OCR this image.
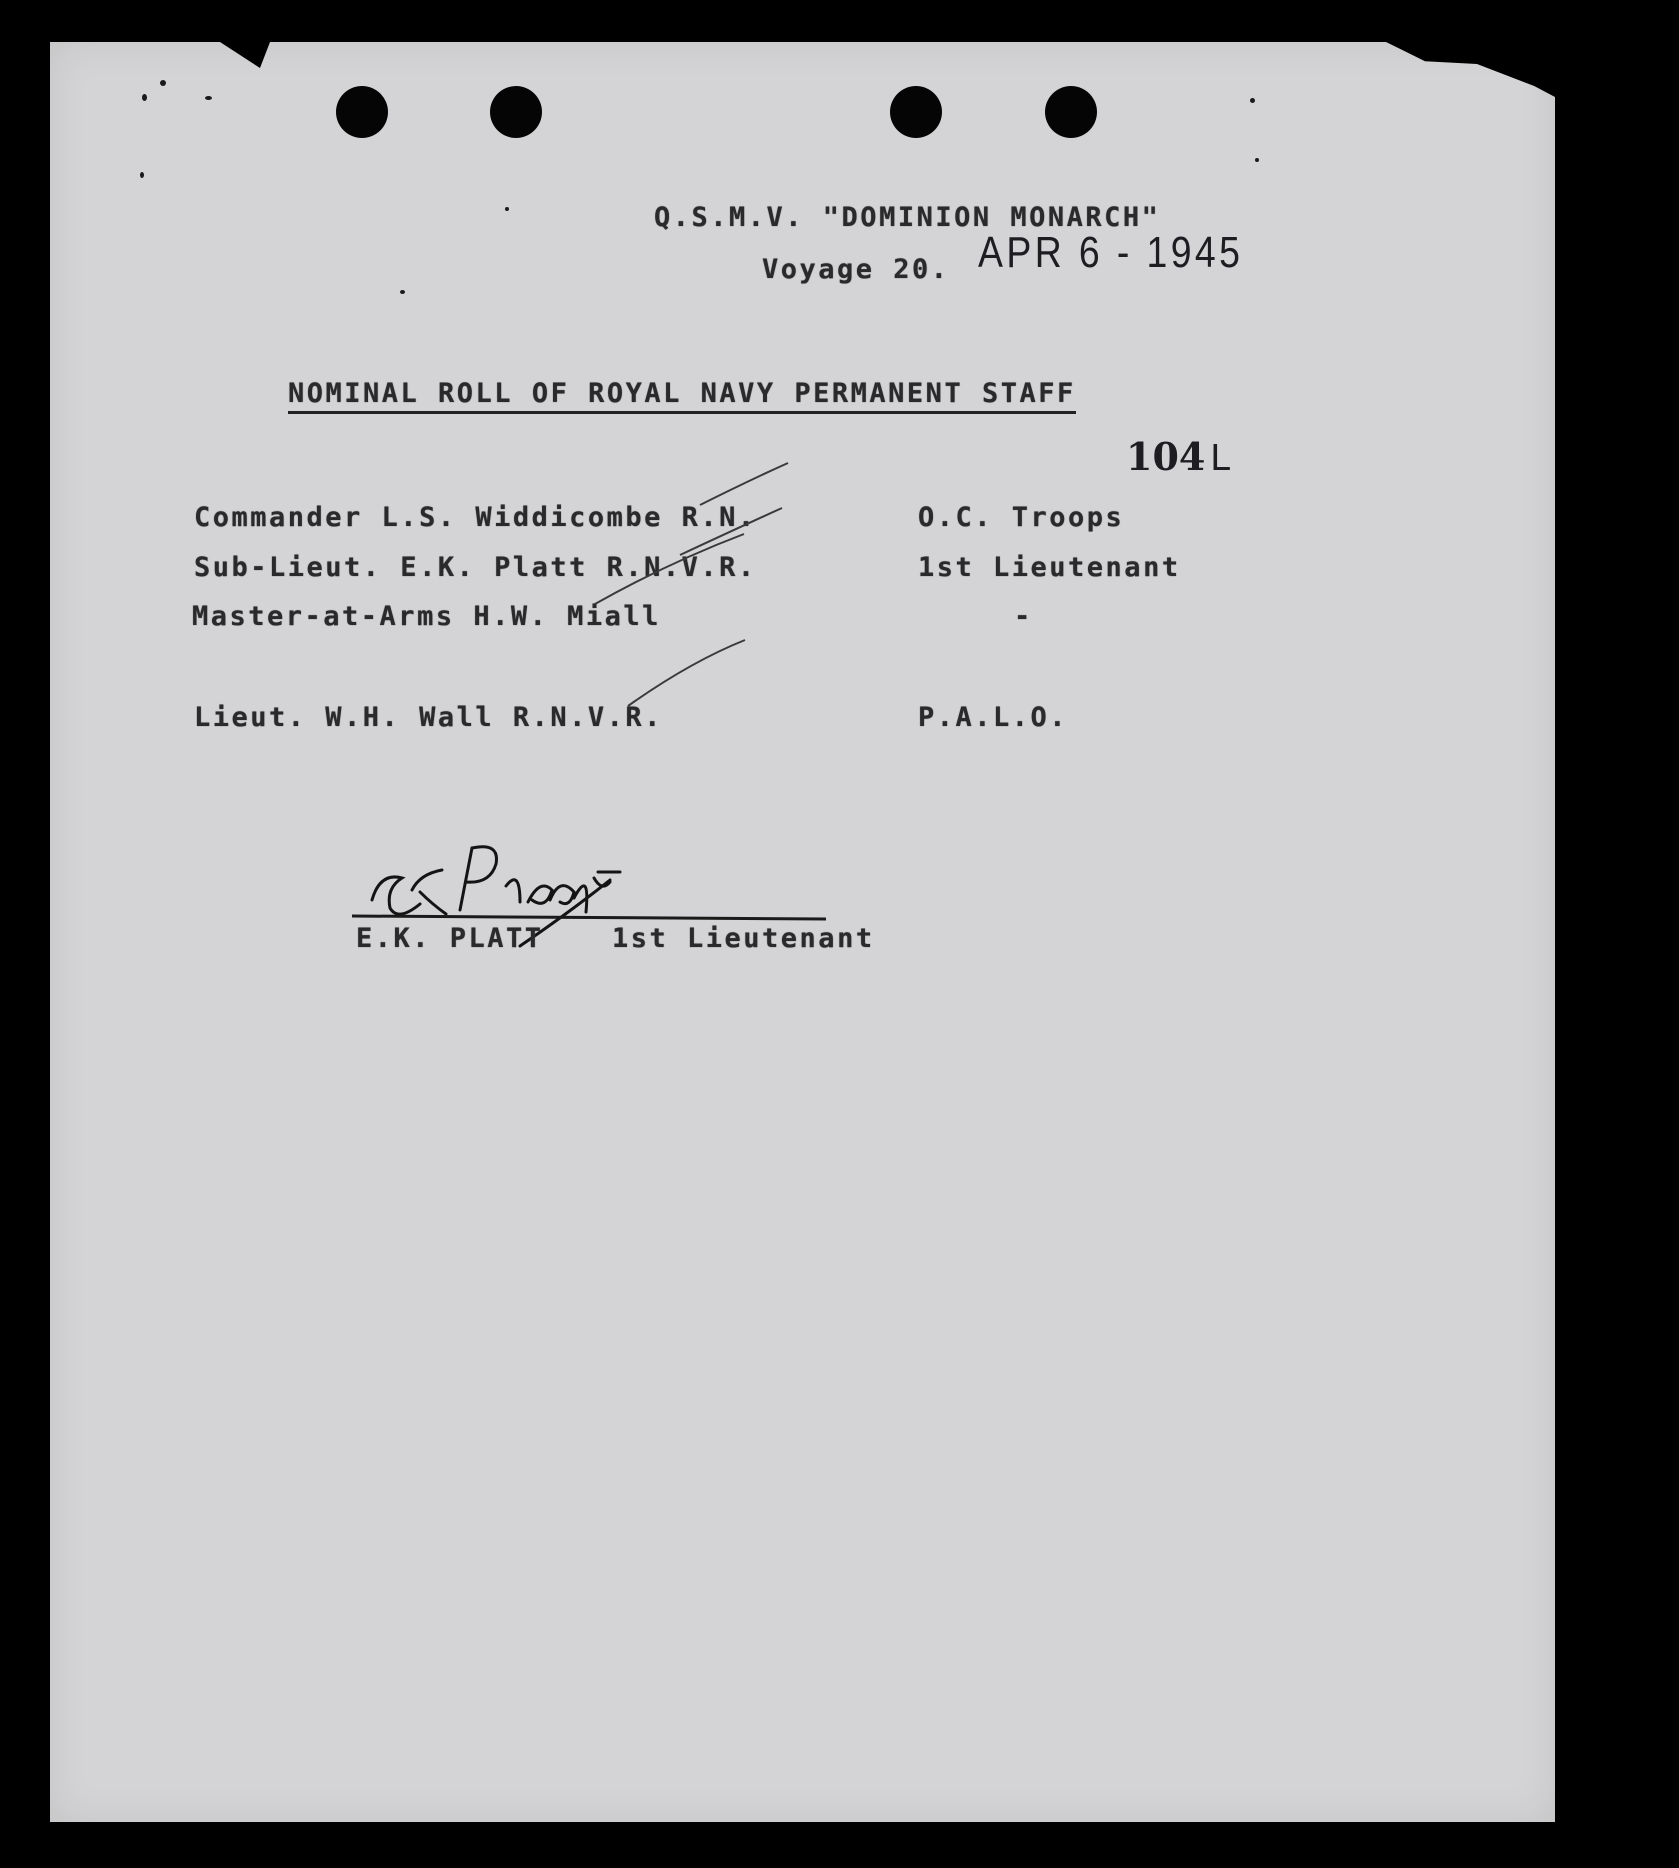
Q.S.M.V. "DOMINION MONARCH"
Voyage 20. APR 6 - 1945
NOMINAL ROLL OF ROYAL NAVY PERMANENT STAFF
104 L
Commander L.S. Widdicombe R.N.	O.C. Troops
Sub-Lieut. E.K. Platt R.N.V.R.	1st Lieutenant
Master-at-Arms H.W. Miall	-
Lieut. W.H. Wall R.N.V.R.	P.A.L.O.
E.K. PLATT	1st Lieutenant
